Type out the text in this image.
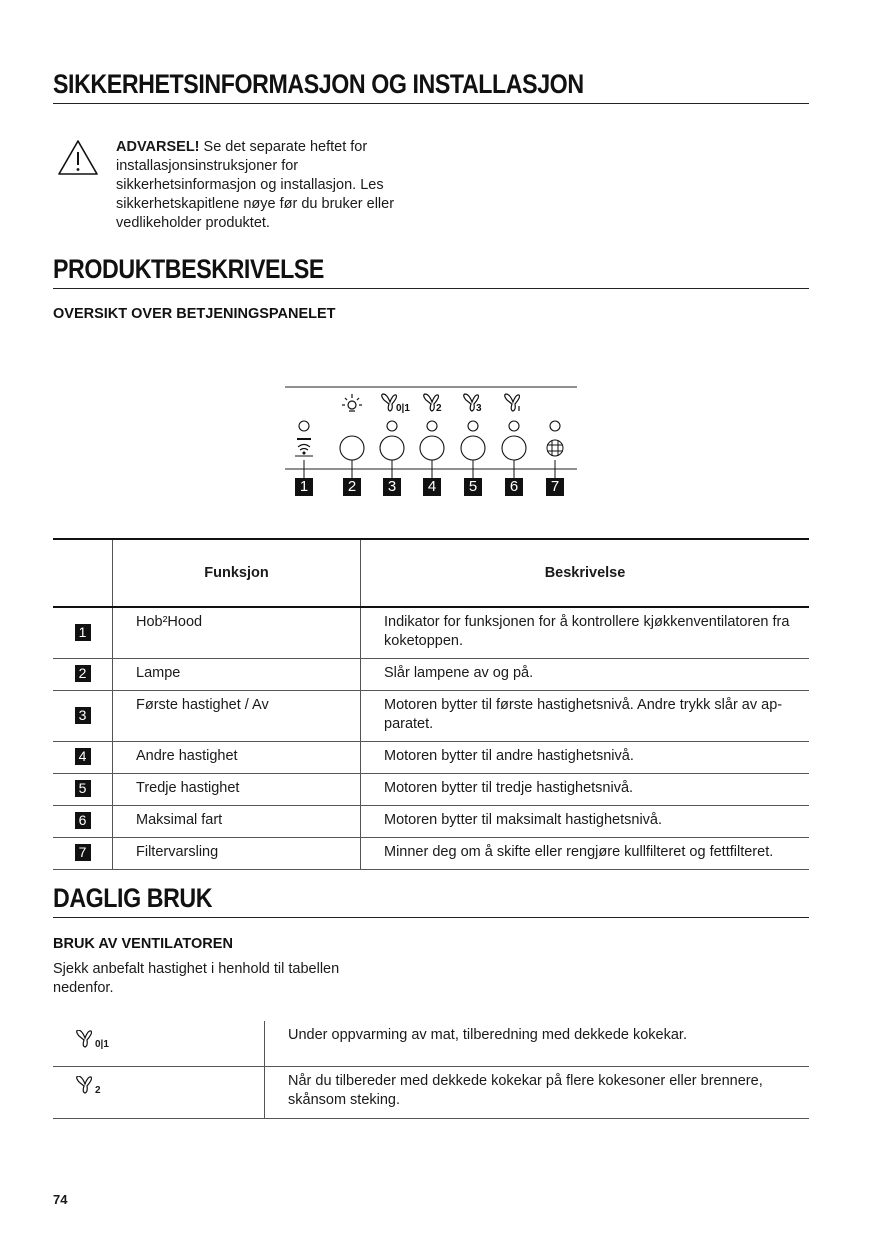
SIKKERHETSINFORMASJON OG INSTALLASJON
ADVARSEL! Se det separate heftet for installasjonsinstruksjoner for sikkerhetsinformasjon og installasjon. Les sikkerhetskapitlene nøye før du bruker eller vedlikeholder produktet.
PRODUKTBESKRIVELSE
OVERSIKT OVER BETJENINGSPANELET
0|1	2	3
1	2	3	4	5	6	7
	Funksjon	Beskrivelse
1	Hob²Hood	Indikator for funksjonen for å kontrollere kjøkkenventilatoren fra koketoppen.
2	Lampe	Slår lampene av og på.
3	Første hastighet / Av	Motoren bytter til første hastighetsnivå. Andre trykk slår av ap-paratet.
4	Andre hastighet	Motoren bytter til andre hastighetsnivå.
5	Tredje hastighet	Motoren bytter til tredje hastighetsnivå.
6	Maksimal fart	Motoren bytter til maksimalt hastighetsnivå.
7	Filtervarsling	Minner deg om å skifte eller rengjøre kullfilteret og fettfilteret.
DAGLIG BRUK
BRUK AV VENTILATOREN
Sjekk anbefalt hastighet i henhold til tabellen nedenfor.
$_{0|1}$	Under oppvarming av mat, tilberedning med dekkede kokekar.
$_2$	Når du tilbereder med dekkede kokekar på flere kokesoner eller brennere, skånsom steking.
74
